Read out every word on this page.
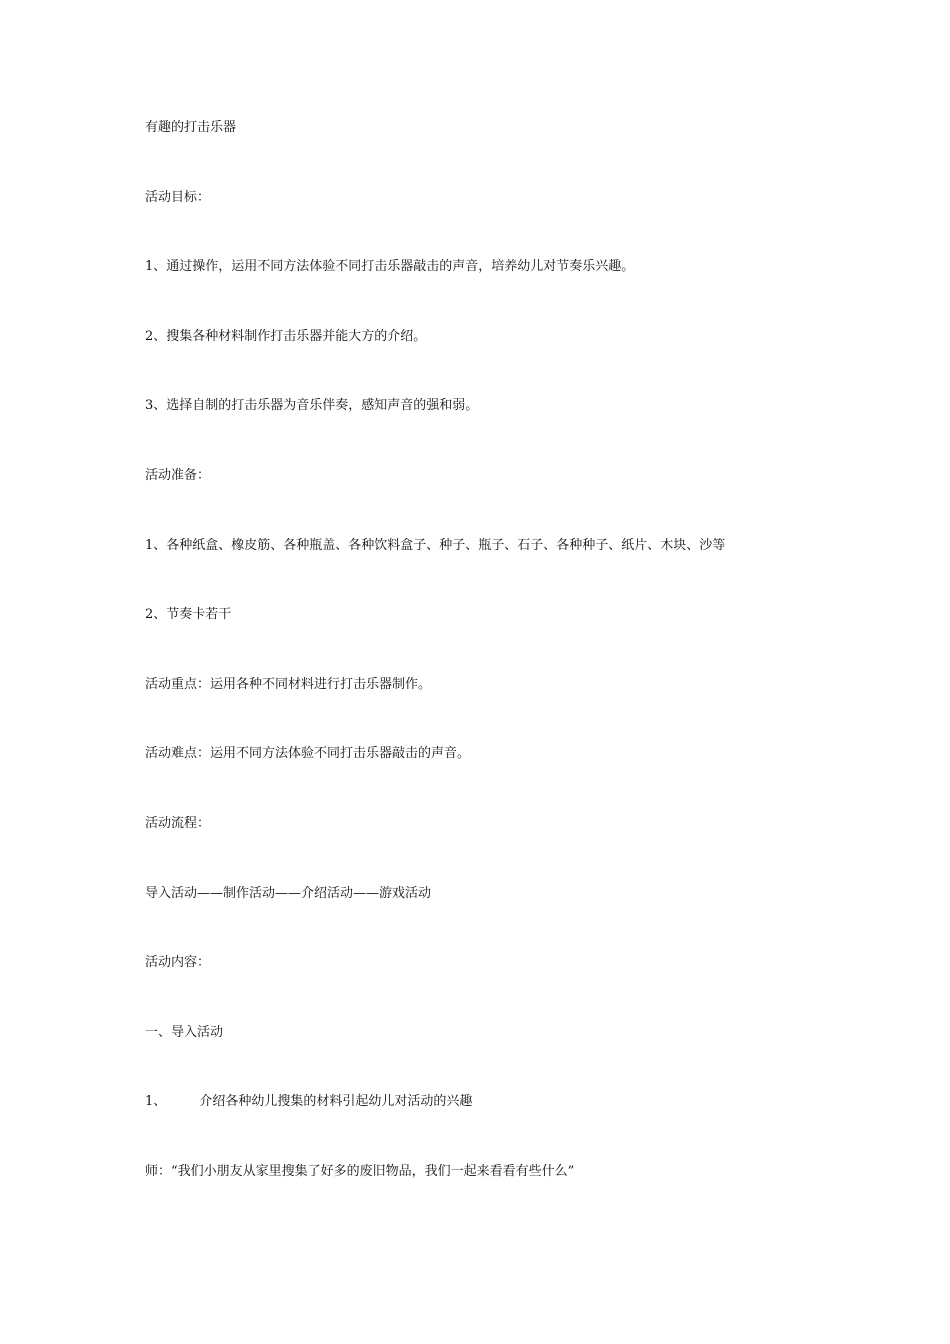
有趣的打击乐器

活动目标：

1、通过操作，运用不同方法体验不同打击乐器敲击的声音，培养幼儿对节奏乐兴趣。

2、搜集各种材料制作打击乐器并能大方的介绍。

3、选择自制的打击乐器为音乐伴奏，感知声音的强和弱。

活动准备：

1、各种纸盒、橡皮筋、各种瓶盖、各种饮料盒子、种子、瓶子、石子、各种种子、纸片、木块、沙等

2、节奏卡若干

活动重点：运用各种不同材料进行打击乐器制作。

活动难点：运用不同方法体验不同打击乐器敲击的声音。

活动流程：

导入活动——制作活动——介绍活动——游戏活动

活动内容：

一、导入活动

1、        介绍各种幼儿搜集的材料引起幼儿对活动的兴趣

师：“我们小朋友从家里搜集了好多的废旧物品，我们一起来看看有些什么”
